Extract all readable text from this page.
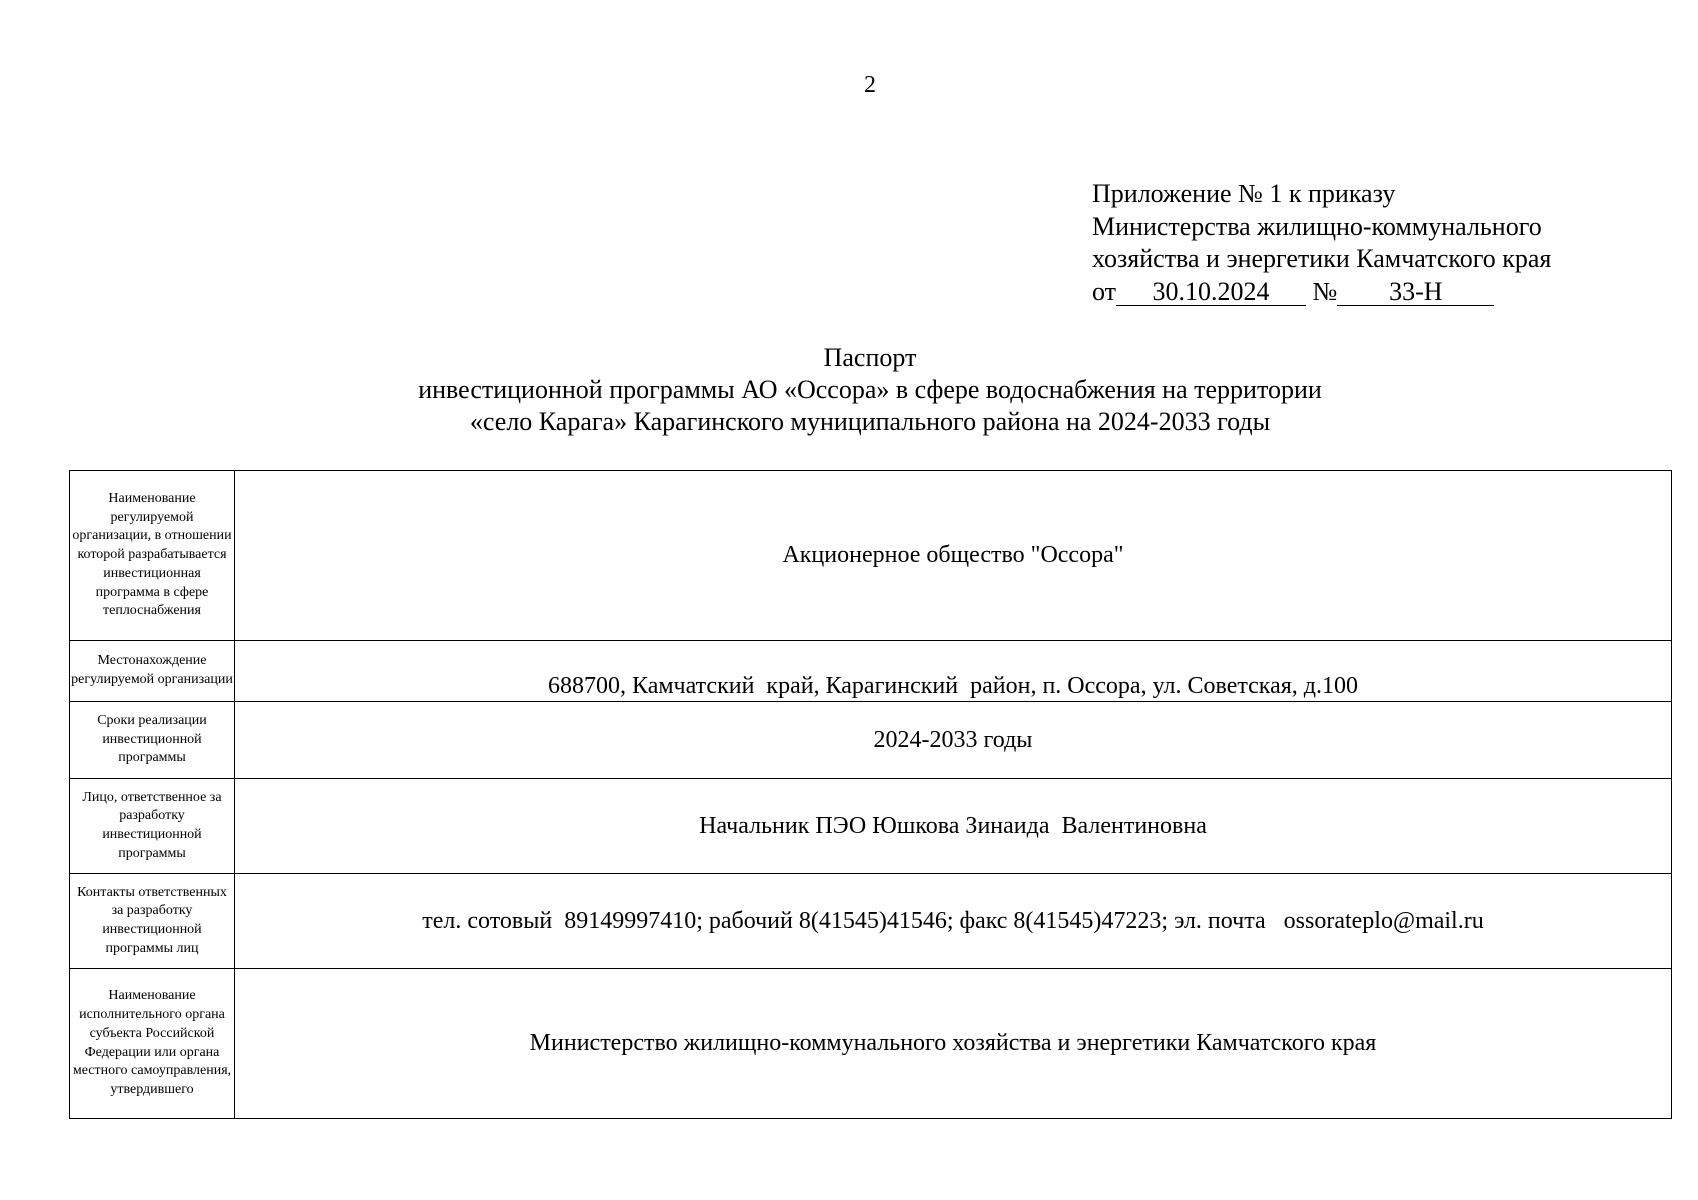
2
Приложение № 1 к приказу
Министерства жилищно-коммунального
хозяйства и энергетики Камчатского края
от 30.10.2024 № 33-Н
Паспорт
инвестиционной программы АО «Оссора» в сфере водоснабжения на территории
«село Карага» Карагинского муниципального района на 2024-2033 годы
Наименование регулируемой организации, в отношении которой разрабатывается инвестиционная программа в сфере теплоснабжения	Акционерное общество "Оссора"
Местонахождение регулируемой организации	688700, Камчатский  край, Карагинский  район, п. Оссора, ул. Советская, д.100
Сроки реализации инвестиционной программы	2024-2033 годы
Лицо, ответственное за разработку инвестиционной программы	Начальник ПЭО Юшкова Зинаида  Валентиновна
Контакты ответственных за разработку инвестиционной программы лиц	тел. сотовый  89149997410; рабочий 8(41545)41546; факс 8(41545)47223; эл. почта   ossorateplo@mail.ru
Наименование исполнительного органа субъекта Российской Федерации или органа местного самоуправления, утвердившего	Министерство жилищно-коммунального хозяйства и энергетики Камчатского края
